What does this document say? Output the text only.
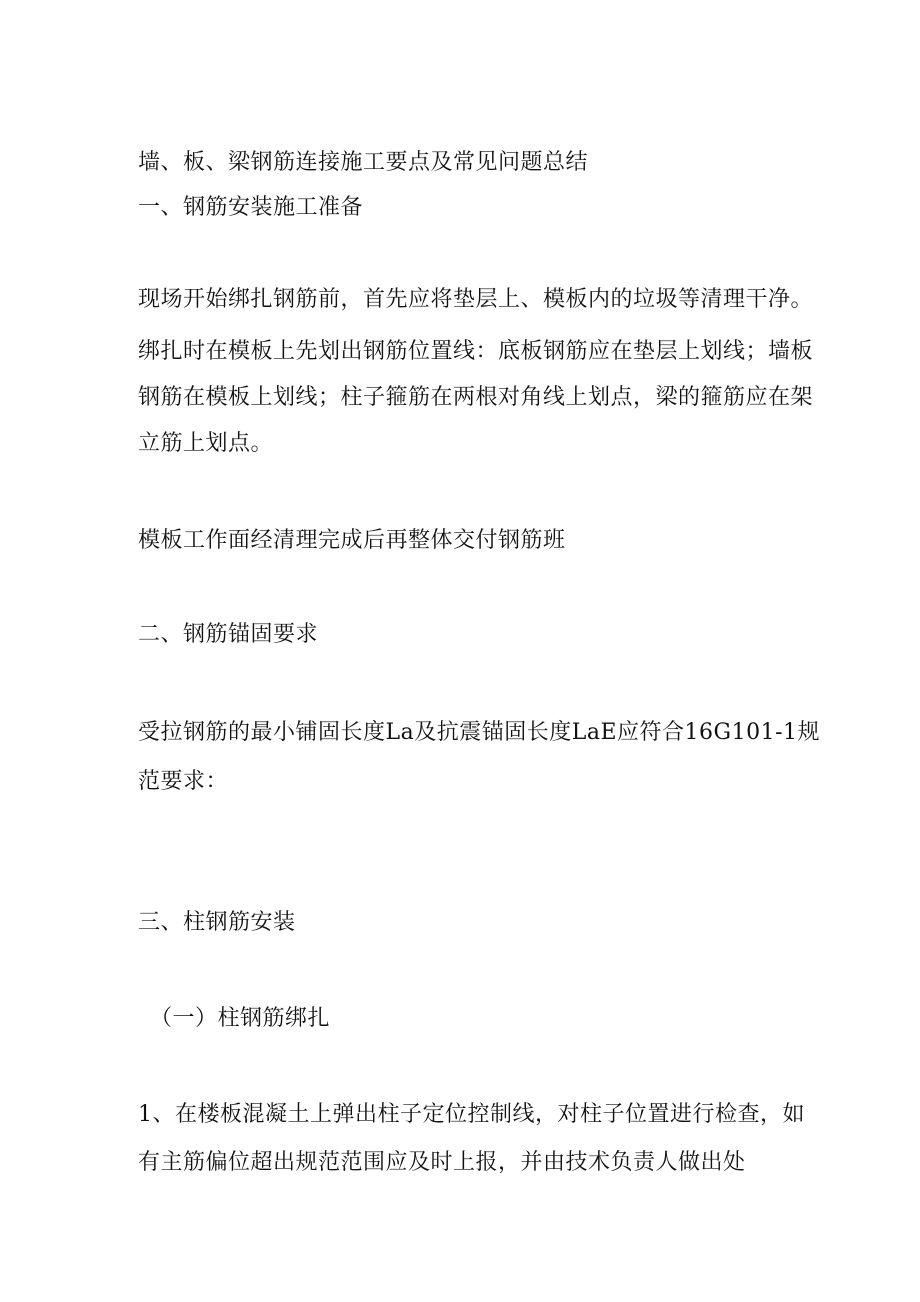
墙、板、梁钢筋连接施工要点及常见问题总结
一、钢筋安装施工准备
现场开始绑扎钢筋前，首先应将垫层上、模板内的垃圾等清理干净。
绑扎时在模板上先划出钢筋位置线：底板钢筋应在垫层上划线；墙板
钢筋在模板上划线；柱子箍筋在两根对角线上划点，梁的箍筋应在架
立筋上划点。
模板工作面经清理完成后再整体交付钢筋班
二、钢筋锚固要求
受拉钢筋的最小铺固长度La及抗震锚固长度LaE应符合16G101-1规
范要求：
三、柱钢筋安装
（一）柱钢筋绑扎
1、在楼板混凝土上弹出柱子定位控制线，对柱子位置进行检查，如
有主筋偏位超出规范范围应及时上报，并由技术负责人做出处
